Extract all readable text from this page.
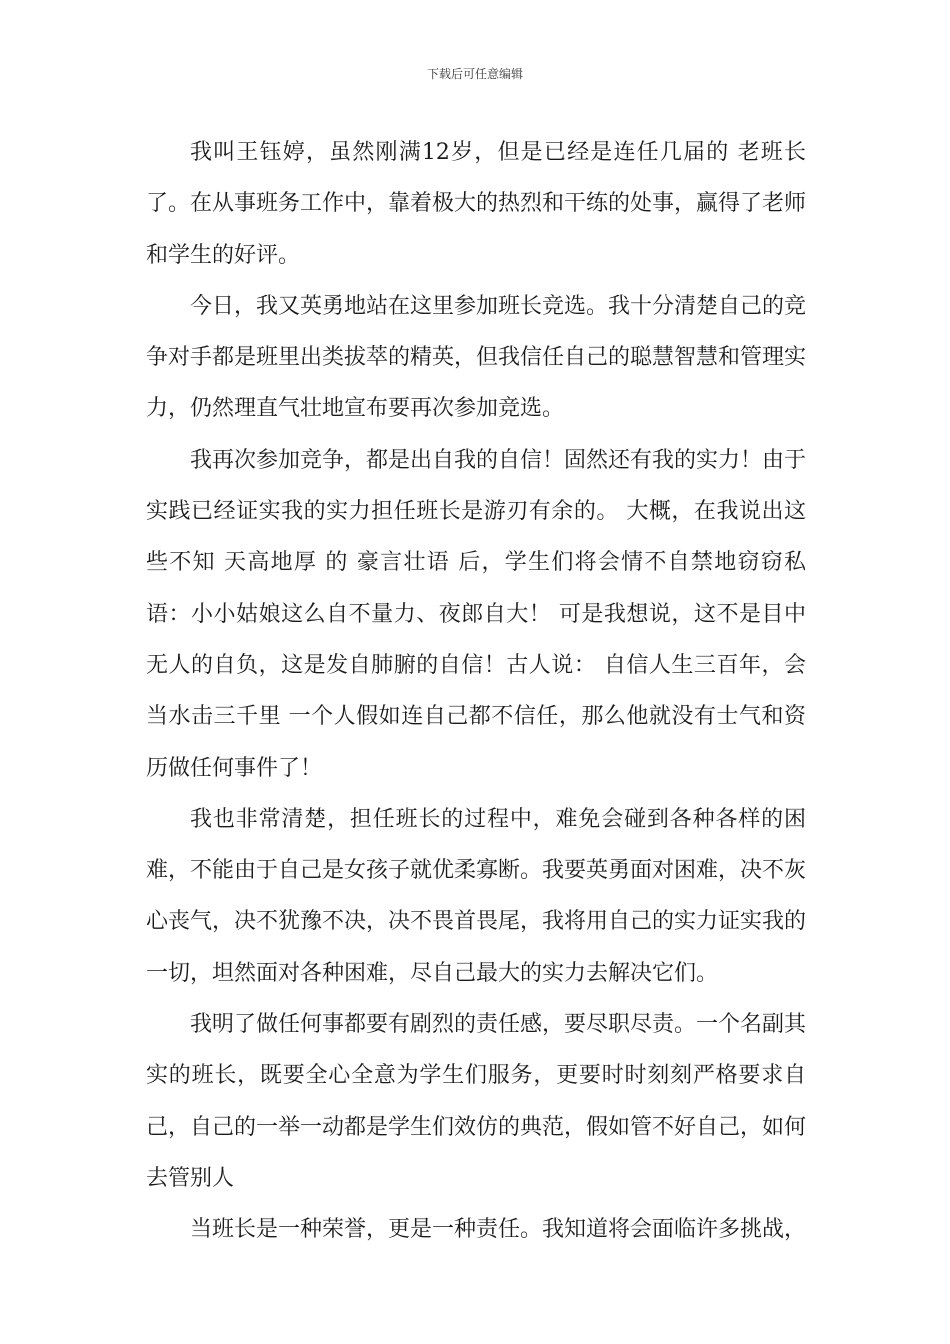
下载后可任意编辑

我叫王钰婷，虽然刚满12岁，但是已经是连任几届的 老班长了。在从事班务工作中，靠着极大的热烈和干练的处事，赢得了老师和学生的好评。

今日，我又英勇地站在这里参加班长竞选。我十分清楚自己的竞争对手都是班里出类拔萃的精英，但我信任自己的聪慧智慧和管理实力，仍然理直气壮地宣布要再次参加竞选。

我再次参加竞争，都是出自我的自信！固然还有我的实力！由于实践已经证实我的实力担任班长是游刃有余的。 大概，在我说出这些不知 天高地厚 的 豪言壮语 后，学生们将会情不自禁地窃窃私语：小小姑娘这么自不量力、夜郎自大！ 可是我想说，这不是目中无人的自负，这是发自肺腑的自信！古人说： 自信人生三百年，会当水击三千里 一个人假如连自己都不信任，那么他就没有士气和资历做任何事件了！

我也非常清楚，担任班长的过程中，难免会碰到各种各样的困难，不能由于自己是女孩子就优柔寡断。我要英勇面对困难，决不灰心丧气，决不犹豫不决，决不畏首畏尾，我将用自己的实力证实我的一切，坦然面对各种困难，尽自己最大的实力去解决它们。

我明了做任何事都要有剧烈的责任感，要尽职尽责。一个名副其实的班长，既要全心全意为学生们服务，更要时时刻刻严格要求自己，自己的一举一动都是学生们效仿的典范，假如管不好自己，如何去管别人

当班长是一种荣誉，更是一种责任。我知道将会面临许多挑战，
